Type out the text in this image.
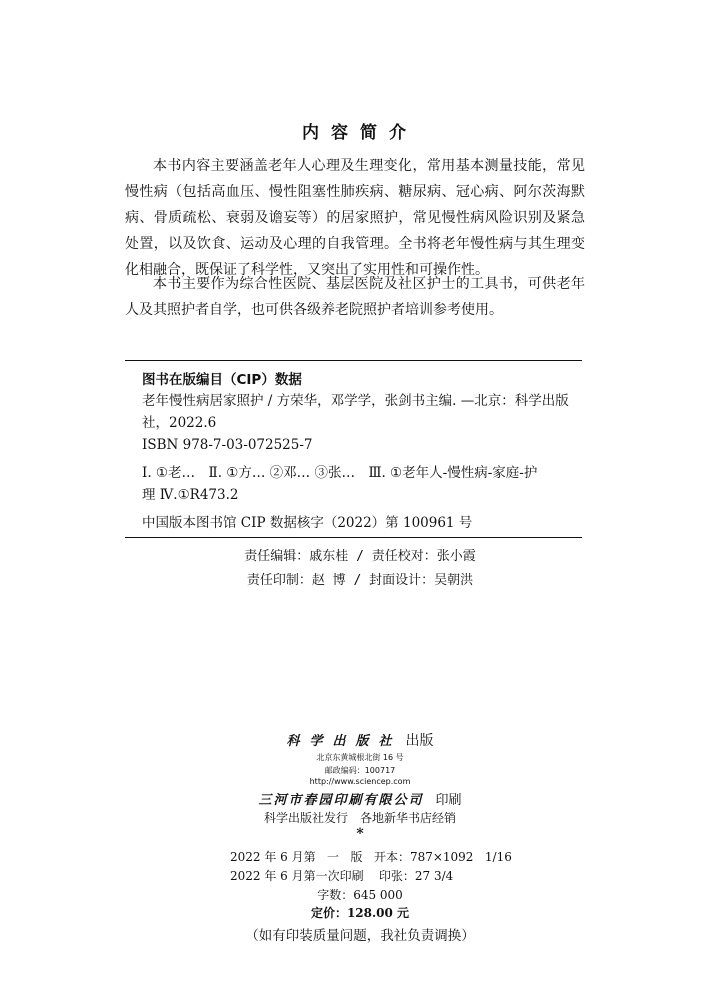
内容简介

本书内容主要涵盖老年人心理及生理变化，常用基本测量技能，常见慢性病（包括高血压、慢性阻塞性肺疾病、糖尿病、冠心病、阿尔茨海默病、骨质疏松、衰弱及谵妄等）的居家照护，常见慢性病风险识别及紧急处置，以及饮食、运动及心理的自我管理。全书将老年慢性病与其生理变化相融合，既保证了科学性，又突出了实用性和可操作性。

本书主要作为综合性医院、基层医院及社区护士的工具书，可供老年人及其照护者自学，也可供各级养老院照护者培训参考使用。

图书在版编目（CIP）数据

老年慢性病居家照护 / 方荣华，邓学学，张剑书主编. —北京：科学出版

社，2022.6

ISBN 978-7-03-072525-7

Ⅰ. ①老…　Ⅱ. ①方… ②邓… ③张…　Ⅲ. ①老年人-慢性病-家庭-护

理 Ⅳ.①R473.2

中国版本图书馆 CIP 数据核字（2022）第 100961 号

责任编辑：戚东桂 / 责任校对：张小霞
责任印制：赵 博 / 封面设计：吴朝洪
科学出版社 出版
北京东黄城根北街 16 号
邮政编码：100717
http://www.sciencep.com
三河市春园印刷有限公司 印刷
科学出版社发行　各地新华书店经销
*
2022 年 6 月第   一   版   开本：787×1092   1/16
2022 年 6 月第一次印刷    印张：27 3/4
字数：645 000
定价：128.00 元
（如有印装质量问题，我社负责调换）
